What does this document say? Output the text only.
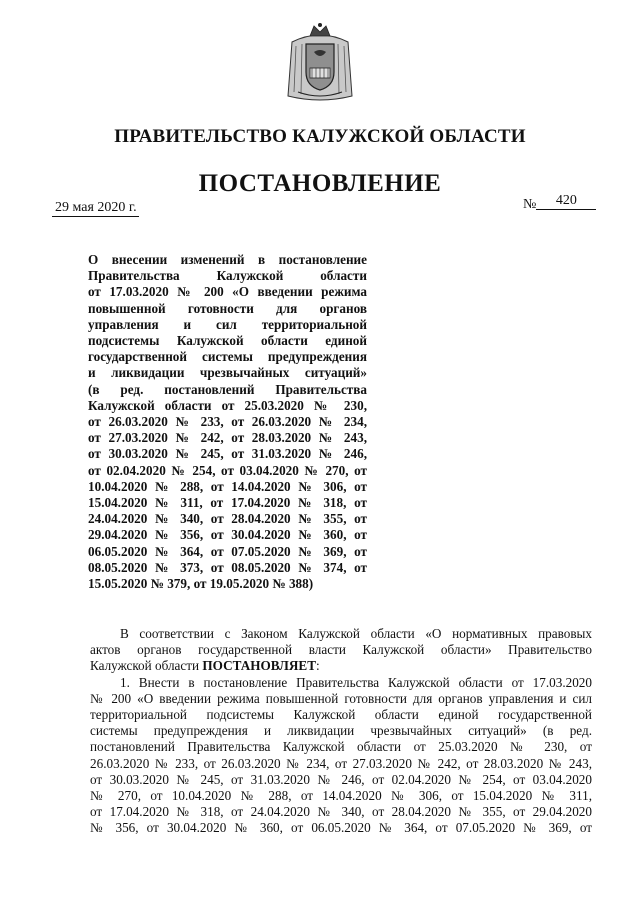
ПРАВИТЕЛЬСТВО КАЛУЖСКОЙ ОБЛАСТИ
ПОСТАНОВЛЕНИЕ
29 мая 2020 г.	№ 420
О внесении изменений в постановление
Правительства Калужской области
от 17.03.2020 № 200 «О введении режима
повышенной готовности для органов
управления и сил территориальной
подсистемы Калужской области единой
государственной системы предупреждения
и ликвидации чрезвычайных ситуаций»
(в ред. постановлений Правительства
Калужской области от 25.03.2020 № 230,
от 26.03.2020 № 233, от 26.03.2020 № 234,
от 27.03.2020 № 242, от 28.03.2020 № 243,
от 30.03.2020 № 245, от 31.03.2020 № 246,
от 02.04.2020 № 254, от 03.04.2020 № 270, от
10.04.2020 № 288, от 14.04.2020 № 306, от
15.04.2020 № 311, от 17.04.2020 № 318, от
24.04.2020 № 340, от 28.04.2020 № 355, от
29.04.2020 № 356, от 30.04.2020 № 360, от
06.05.2020 № 364, от 07.05.2020 № 369, от
08.05.2020 № 373, от 08.05.2020 № 374, от
15.05.2020 № 379, от 19.05.2020 № 388)
В соответствии с Законом Калужской области «О нормативных правовых
актов органов государственной власти Калужской области» Правительство
Калужской области ПОСТАНОВЛЯЕТ:
1. Внести в постановление Правительства Калужской области от 17.03.2020
№ 200 «О введении режима повышенной готовности для органов управления и сил
территориальной подсистемы Калужской области единой государственной
системы предупреждения и ликвидации чрезвычайных ситуаций» (в ред.
постановлений Правительства Калужской области от 25.03.2020 № 230, от
26.03.2020 № 233, от 26.03.2020 № 234, от 27.03.2020 № 242, от 28.03.2020 № 243,
от 30.03.2020 № 245, от 31.03.2020 № 246, от 02.04.2020 № 254, от 03.04.2020
№ 270, от 10.04.2020 № 288, от 14.04.2020 № 306, от 15.04.2020 № 311,
от 17.04.2020 № 318, от 24.04.2020 № 340, от 28.04.2020 № 355, от 29.04.2020
№ 356, от 30.04.2020 № 360, от 06.05.2020 № 364, от 07.05.2020 № 369, от
